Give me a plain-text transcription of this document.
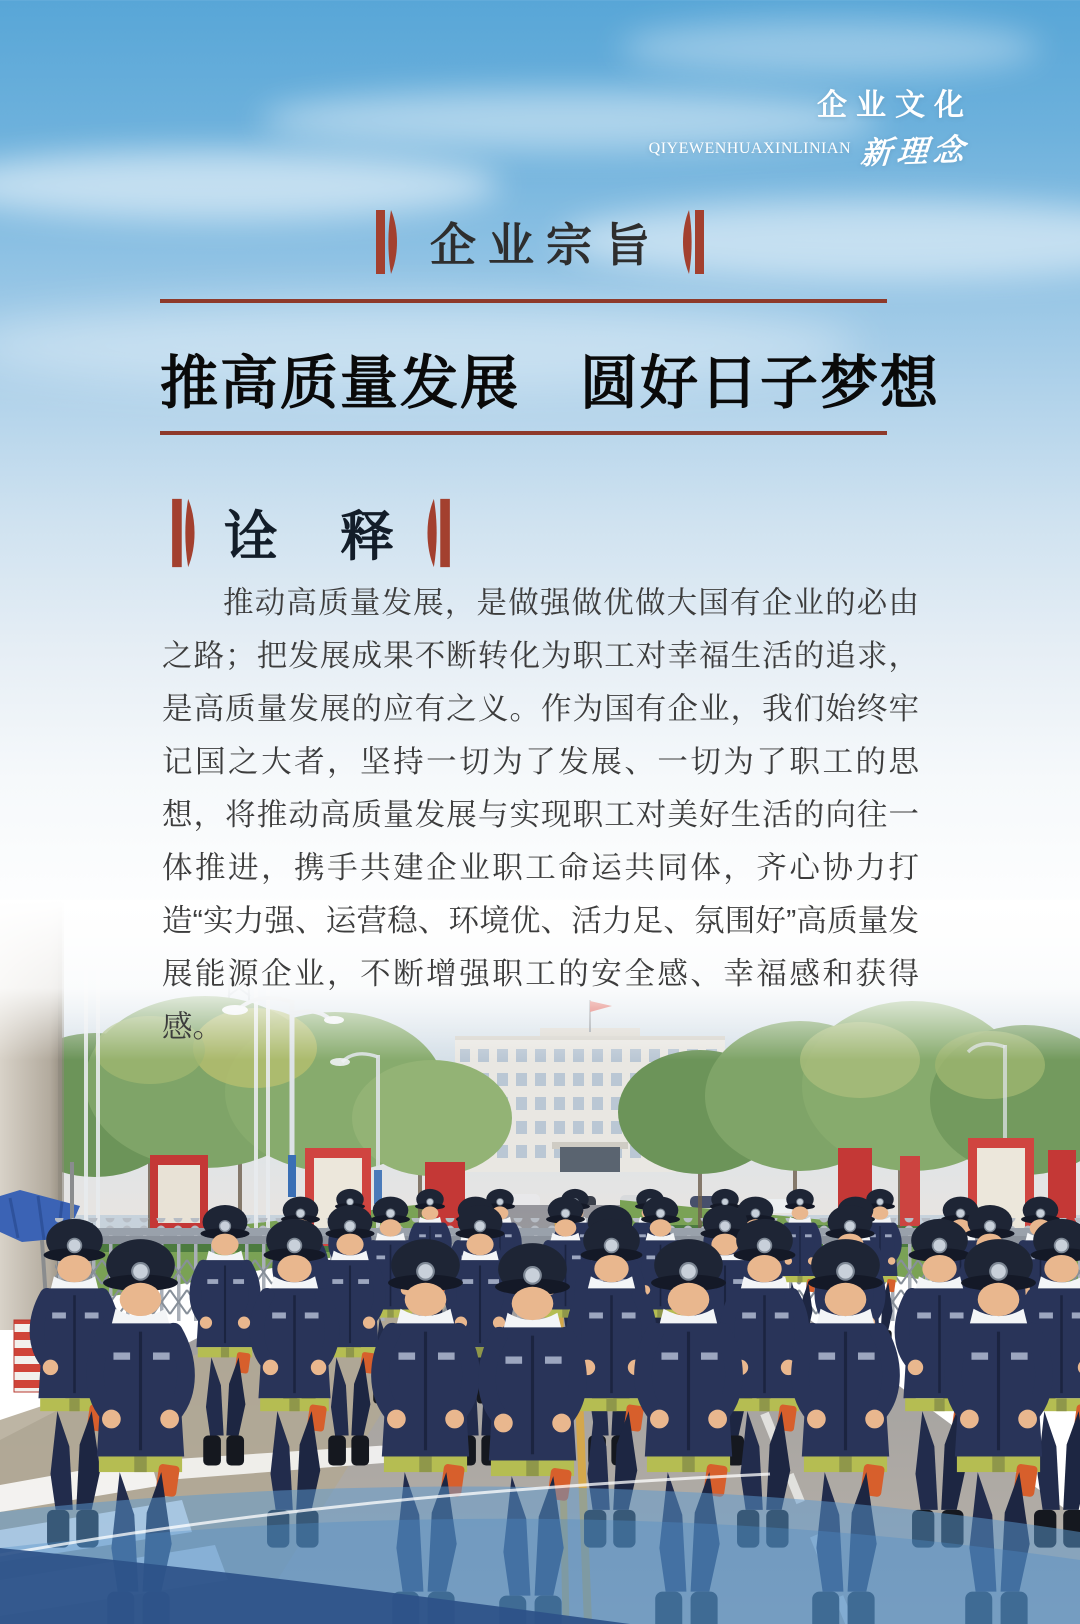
企业文化
QIYEWENHUAXINLINIAN 新理念
企业宗旨
推高质量发展　圆好日子梦想
诠　释
推动高质量发展，是做强做优做大国有企业的必由之路；把发展成果不断转化为职工对幸福生活的追求，是高质量发展的应有之义。作为国有企业，我们始终牢记国之大者，坚持一切为了发展、一切为了职工的思想，将推动高质量发展与实现职工对美好生活的向往一体推进，携手共建企业职工命运共同体，齐心协力打造“实力强、运营稳、环境优、活力足、氛围好”高质量发展能源企业，不断增强职工的安全感、幸福感和获得感。
